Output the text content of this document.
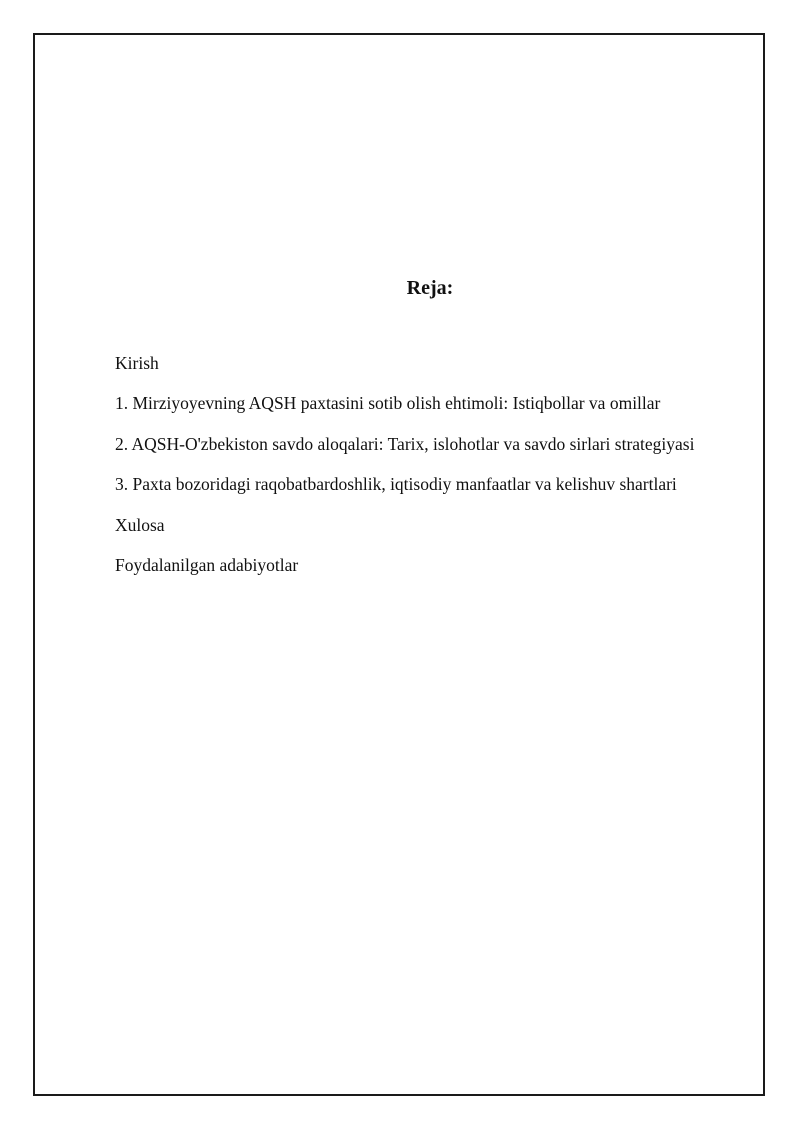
Reja:
Kirish
1. Mirziyoyevning AQSH paxtasini sotib olish ehtimoli: Istiqbollar va omillar
2. AQSH-O'zbekiston savdo aloqalari: Tarix, islohotlar va savdo sirlari strategiyasi
3. Paxta bozoridagi raqobatbardoshlik, iqtisodiy manfaatlar va kelishuv shartlari
Xulosa
Foydalanilgan adabiyotlar
